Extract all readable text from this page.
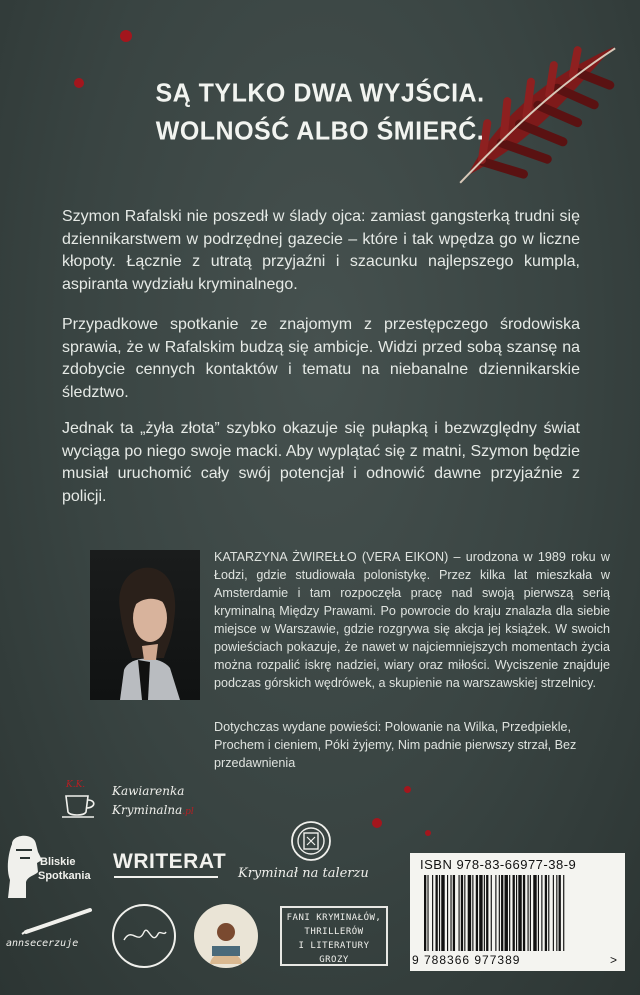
SĄ TYLKO DWA WYJŚCIA.
WOLNOŚĆ ALBO ŚMIERĆ.
Szymon Rafalski nie poszedł w ślady ojca: zamiast gangsterką trudni się dziennikarstwem w podrzędnej gazecie – które i tak wpędza go w liczne kłopoty. Łącznie z utratą przyjaźni i szacunku najlepszego kumpla, aspiranta wydziału kryminalnego.
Przypadkowe spotkanie ze znajomym z przestępczego środowiska sprawia, że w Rafalskim budzą się ambicje. Widzi przed sobą szansę na zdobycie cennych kontaktów i tematu na niebanalne dziennikarskie śledztwo.
Jednak ta „żyła złota” szybko okazuje się pułapką i bezwzględny świat wyciąga po niego swoje macki. Aby wyplątać się z matni, Szymon będzie musiał uruchomić cały swój potencjał i odnowić dawne przyjaźnie z policji.
KATARZYNA ŻWIREŁŁO (VERA EIKON) – urodzona w 1989 roku w Łodzi, gdzie studiowała polonistykę. Przez kilka lat mieszkała w Amsterdamie i tam rozpoczęła pracę nad swoją pierwszą serią kryminalną Między Prawami. Po powrocie do kraju znalazła dla siebie miejsce w Warszawie, gdzie rozgrywa się akcja jej książek. W swoich powieściach pokazuje, że nawet w najciemniejszych momentach życia można rozpalić iskrę nadziei, wiary oraz miłości. Wyciszenie znajduje podczas górskich wędrówek, a skupienie na warszawskiej strzelnicy.
Dotychczas wydane powieści: Polowanie na Wilka, Przedpiekle, Prochem i cieniem, Póki żyjemy, Nim padnie pierwszy strzał, Bez przedawnienia
K.K. Kawiarenka
Kryminalna.pl
Bliskie
Spotkania
WRITERAT
Kryminał na talerzu
annsecerzuje
FANI KRYMINAŁÓW,
THRILLERÓW
I LITERATURY GROZY
ISBN 978-83-66977-38-9
9 788366 977389	>
